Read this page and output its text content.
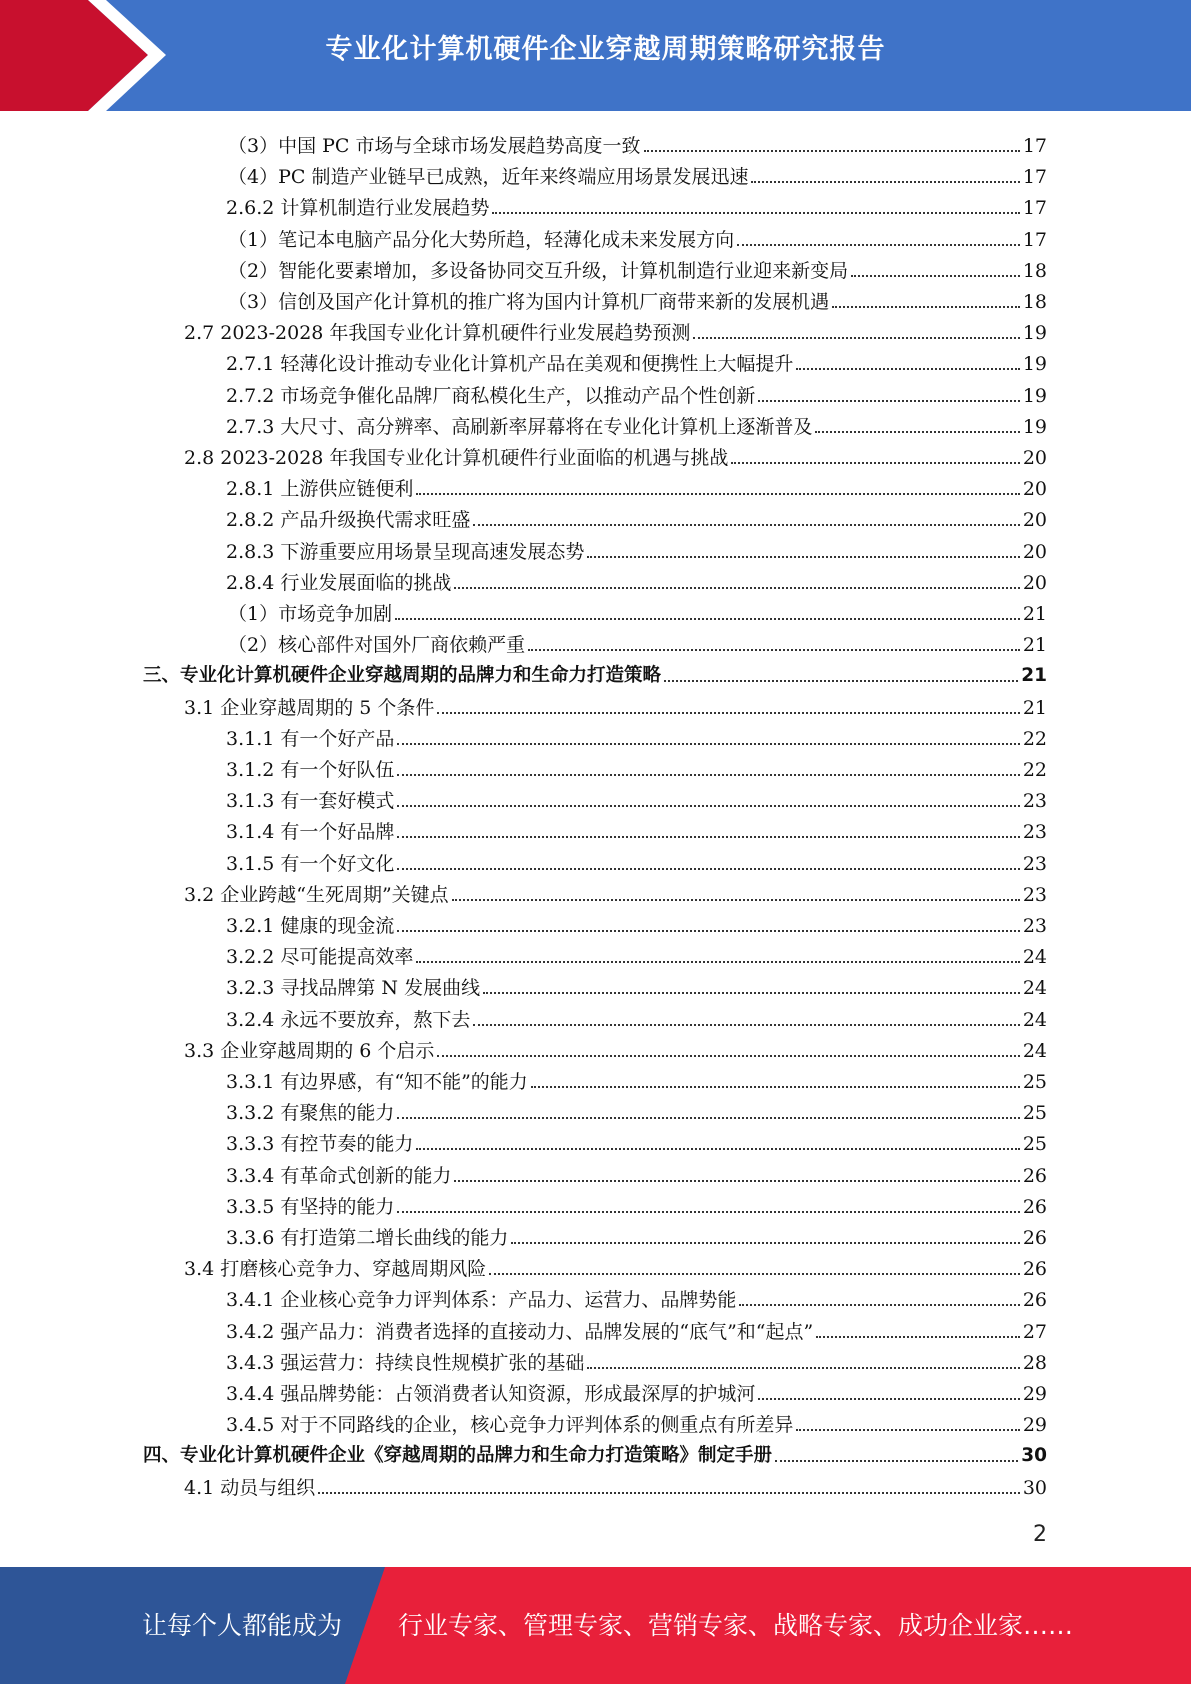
专业化计算机硬件企业穿越周期策略研究报告
（3）中国 PC 市场与全球市场发展趋势高度一致	17
（4）PC 制造产业链早已成熟，近年来终端应用场景发展迅速	17
2.6.2 计算机制造行业发展趋势	17
（1）笔记本电脑产品分化大势所趋，轻薄化成未来发展方向	17
（2）智能化要素增加，多设备协同交互升级，计算机制造行业迎来新变局	18
（3）信创及国产化计算机的推广将为国内计算机厂商带来新的发展机遇	18
2.7 2023-2028 年我国专业化计算机硬件行业发展趋势预测	19
2.7.1 轻薄化设计推动专业化计算机产品在美观和便携性上大幅提升	19
2.7.2 市场竞争催化品牌厂商私模化生产，以推动产品个性创新	19
2.7.3 大尺寸、高分辨率、高刷新率屏幕将在专业化计算机上逐渐普及	19
2.8 2023-2028 年我国专业化计算机硬件行业面临的机遇与挑战	20
2.8.1 上游供应链便利	20
2.8.2 产品升级换代需求旺盛	20
2.8.3 下游重要应用场景呈现高速发展态势	20
2.8.4 行业发展面临的挑战	20
（1）市场竞争加剧	21
（2）核心部件对国外厂商依赖严重	21
三、专业化计算机硬件企业穿越周期的品牌力和生命力打造策略	21
3.1 企业穿越周期的 5 个条件	21
3.1.1 有一个好产品	22
3.1.2 有一个好队伍	22
3.1.3 有一套好模式	23
3.1.4 有一个好品牌	23
3.1.5 有一个好文化	23
3.2 企业跨越“生死周期”关键点	23
3.2.1 健康的现金流	23
3.2.2 尽可能提高效率	24
3.2.3 寻找品牌第 N 发展曲线	24
3.2.4 永远不要放弃，熬下去	24
3.3 企业穿越周期的 6 个启示	24
3.3.1 有边界感，有“知不能”的能力	25
3.3.2 有聚焦的能力	25
3.3.3 有控节奏的能力	25
3.3.4 有革命式创新的能力	26
3.3.5 有坚持的能力	26
3.3.6 有打造第二增长曲线的能力	26
3.4 打磨核心竞争力、穿越周期风险	26
3.4.1 企业核心竞争力评判体系：产品力、运营力、品牌势能	26
3.4.2 强产品力：消费者选择的直接动力、品牌发展的“底气”和“起点”	27
3.4.3 强运营力：持续良性规模扩张的基础	28
3.4.4 强品牌势能：占领消费者认知资源，形成最深厚的护城河	29
3.4.5 对于不同路线的企业，核心竞争力评判体系的侧重点有所差异	29
四、专业化计算机硬件企业《穿越周期的品牌力和生命力打造策略》制定手册	30
4.1 动员与组织	30
2
让每个人都能成为 行业专家、管理专家、营销专家、战略专家、成功企业家……
